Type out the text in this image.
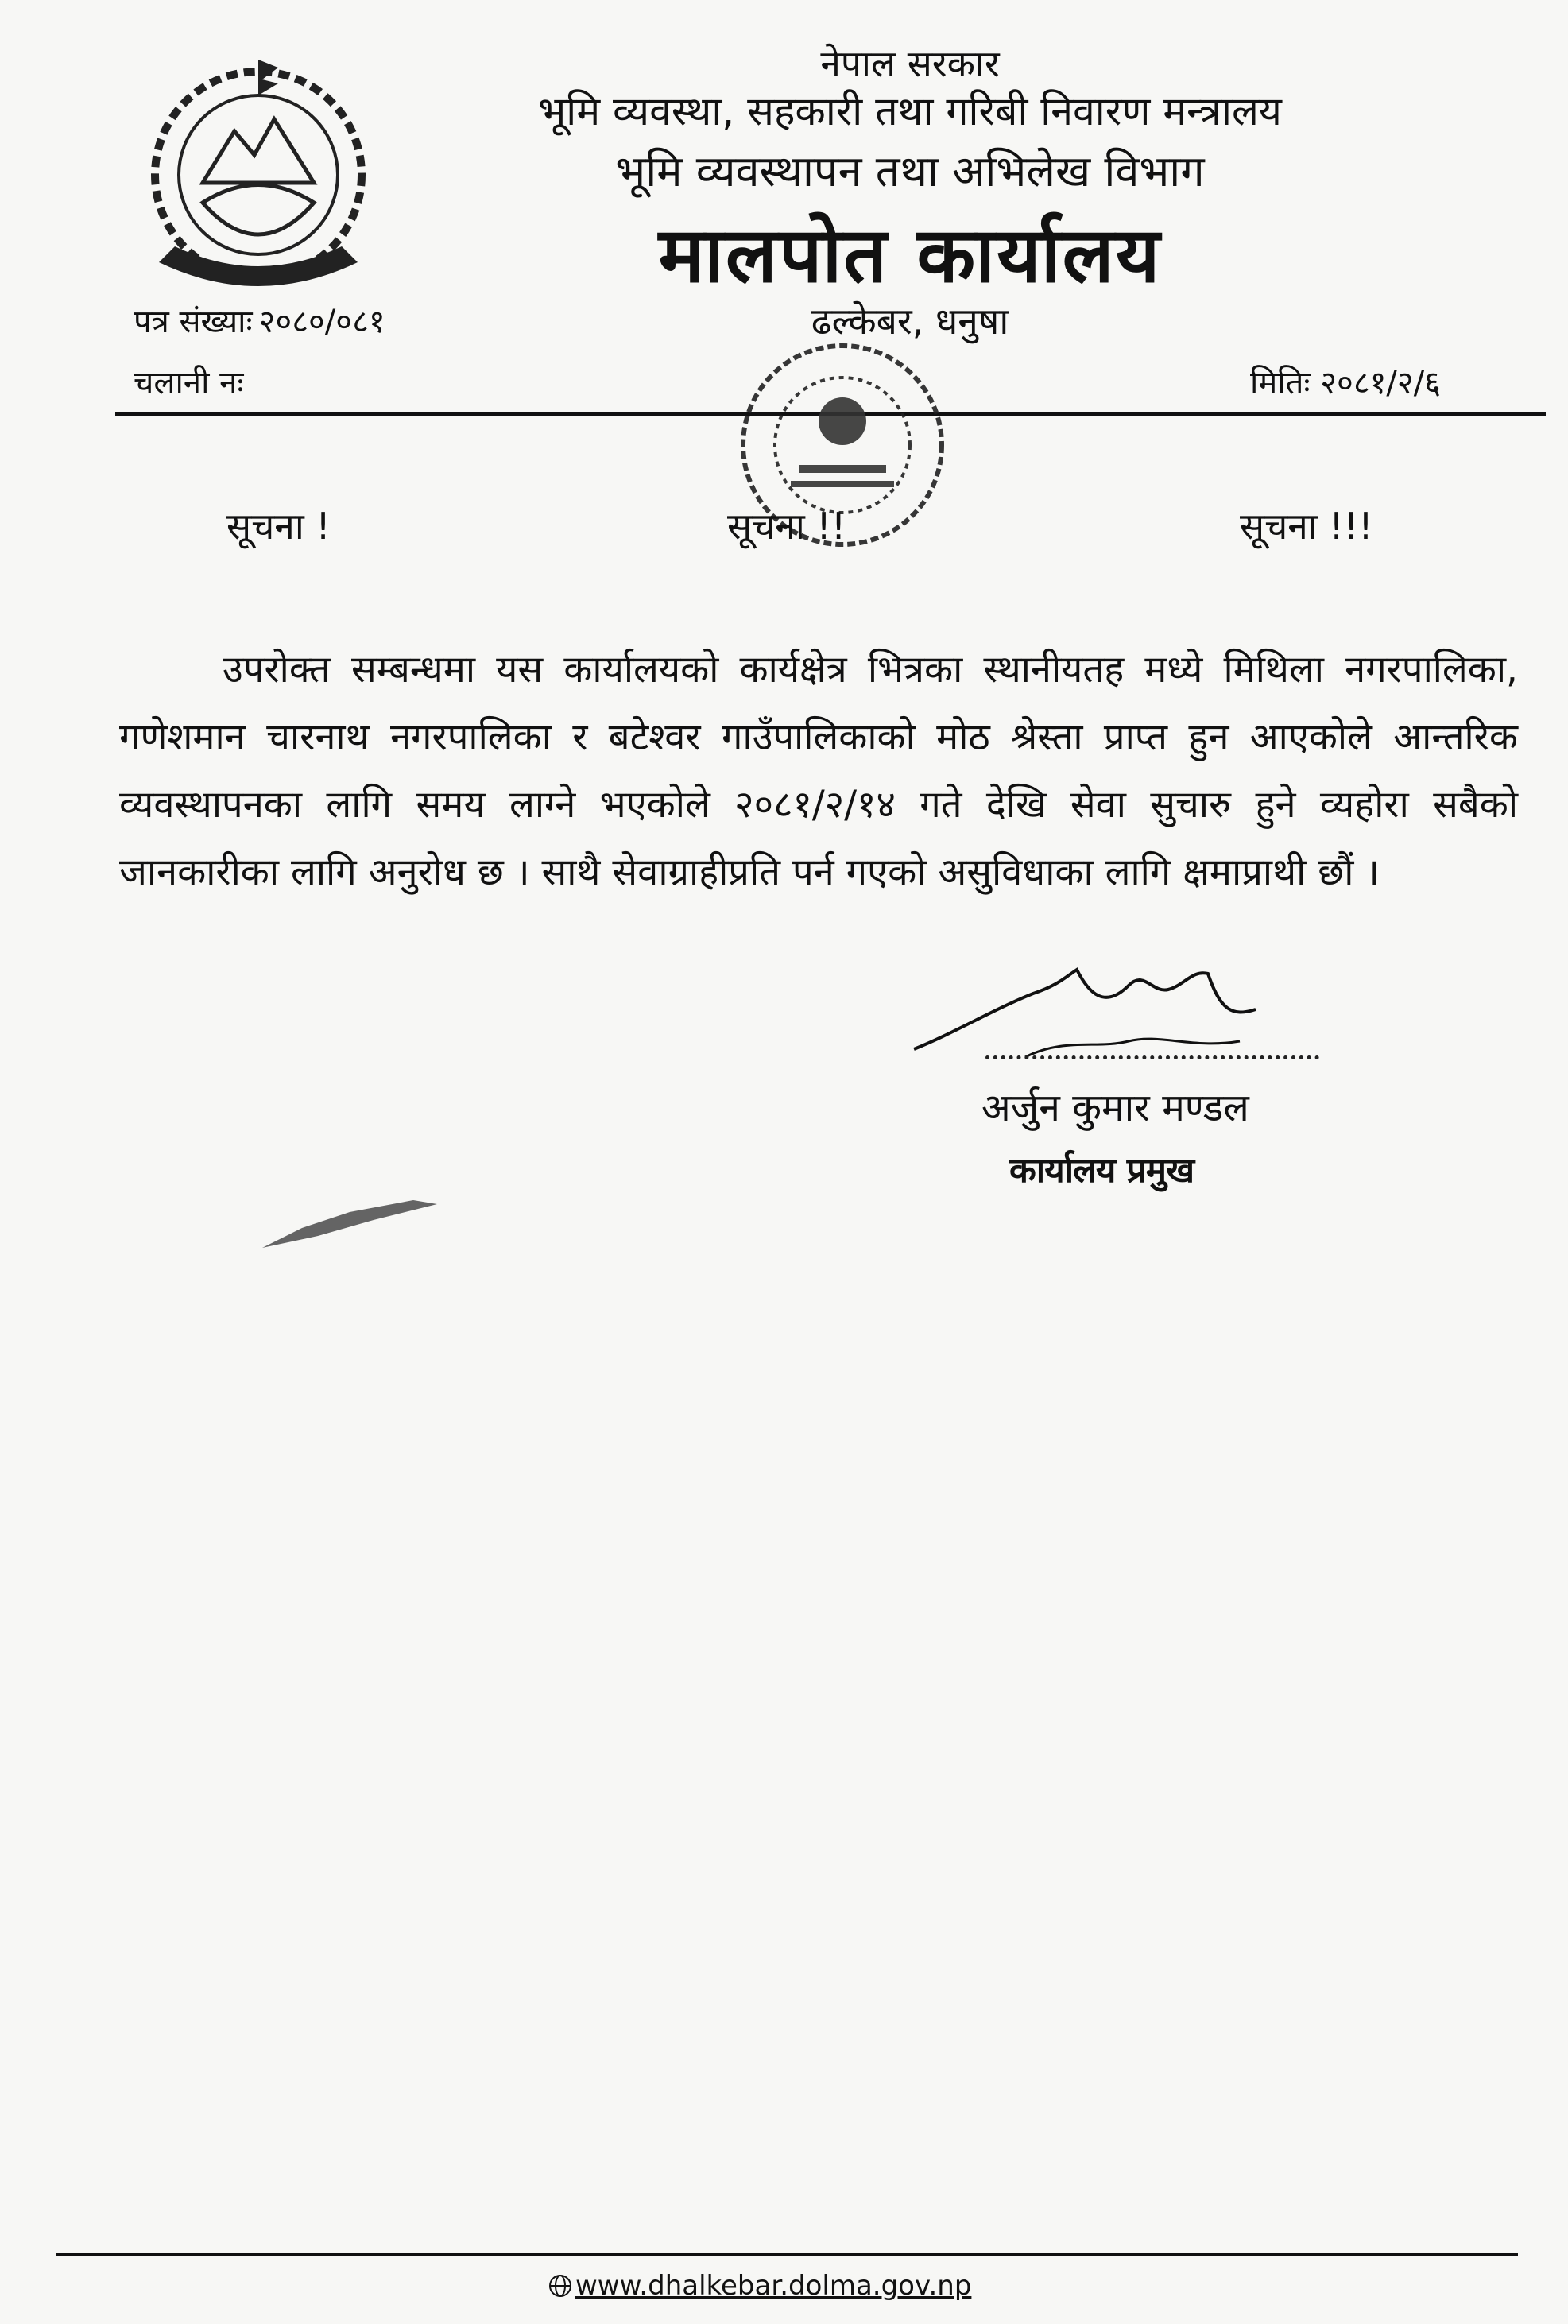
नेपाल सरकार
भूमि व्यवस्था, सहकारी तथा गरिबी निवारण मन्त्रालय
भूमि व्यवस्थापन तथा अभिलेख विभाग
मालपोत कार्यालय
ढल्केबर, धनुषा
पत्र संख्याः २०८०/०८१
चलानी नः	मितिः २०८१/२/६
सूचना !	सूचना !!	सूचना !!!

उपरोक्त सम्बन्धमा यस कार्यालयको कार्यक्षेत्र भित्रका स्थानीयतह मध्ये मिथिला नगरपालिका, गणेशमान चारनाथ नगरपालिका र बटेश्वर गाउँपालिकाको मोठ श्रेस्ता प्राप्त हुन आएकोले आन्तरिक व्यवस्थापनका लागि समय लाग्ने भएकोले २०८१/२/१४ गते देखि सेवा सुचारु हुने व्यहोरा सबैको जानकारीका लागि अनुरोध छ । साथै सेवाग्राहीप्रति पर्न गएको असुविधाका लागि क्षमाप्राथी छौं ।

अर्जुन कुमार मण्डल
कार्यालय प्रमुख
www.dhalkebar.dolma.gov.np
